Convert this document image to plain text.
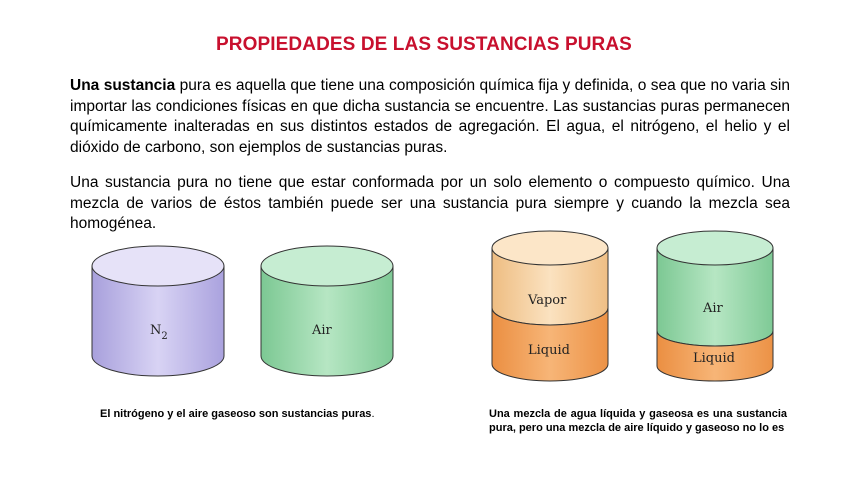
PROPIEDADES DE LAS SUSTANCIAS PURAS

Una sustancia pura es aquella que tiene una composición química fija y definida, o sea que no varia sin importar las condiciones físicas en que dicha sustancia se encuentre. Las sustancias puras permanecen químicamente inalteradas en sus distintos estados de agregación. El agua, el nitrógeno, el helio y el dióxido de carbono, son ejemplos de sustancias puras.

Una sustancia pura no tiene que estar conformada por un solo elemento o compuesto químico. Una mezcla de varios de éstos también puede ser una sustancia pura siempre y cuando la mezcla sea homogénea.

$N_2$	Air
Vapor
Liquid
Air
Liquid

El nitrógeno y el aire gaseoso son sustancias puras.	Una mezcla de agua líquida y gaseosa es una sustancia pura, pero una mezcla de aire líquido y gaseoso no lo es
